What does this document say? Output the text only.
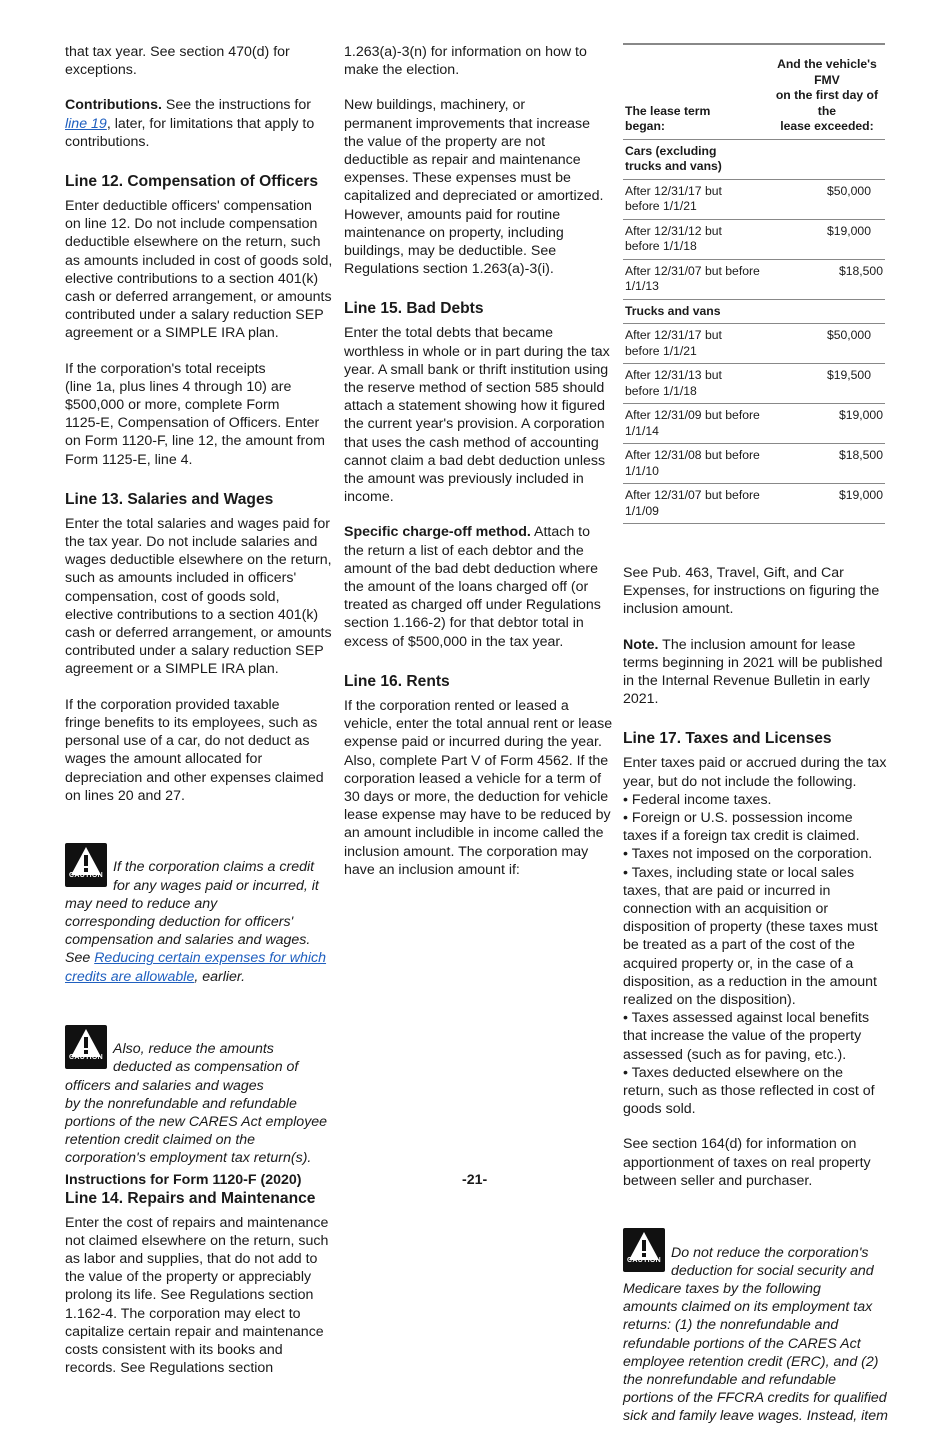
that tax year. See section 470(d) for
exceptions.

Contributions. See the instructions for
line 19, later, for limitations that apply to
contributions.

Line 12. Compensation of Officers

Enter deductible officers' compensation
on line 12. Do not include compensation
deductible elsewhere on the return, such
as amounts included in cost of goods sold,
elective contributions to a section 401(k)
cash or deferred arrangement, or amounts
contributed under a salary reduction SEP
agreement or a SIMPLE IRA plan.

If the corporation's total receipts
(line 1a, plus lines 4 through 10) are
$500,000 or more, complete Form
1125-E, Compensation of Officers. Enter
on Form 1120-F, line 12, the amount from
Form 1125-E, line 4.

Line 13. Salaries and Wages

Enter the total salaries and wages paid for
the tax year. Do not include salaries and
wages deductible elsewhere on the return,
such as amounts included in officers'
compensation, cost of goods sold,
elective contributions to a section 401(k)
cash or deferred arrangement, or amounts
contributed under a salary reduction SEP
agreement or a SIMPLE IRA plan.

If the corporation provided taxable
fringe benefits to its employees, such as
personal use of a car, do not deduct as
wages the amount allocated for
depreciation and other expenses claimed
on lines 20 and 27.

CAUTION

If the corporation claims a credit
for any wages paid or incurred, it
may need to reduce any
corresponding deduction for officers'
compensation and salaries and wages.
See Reducing certain expenses for which
credits are allowable, earlier.

CAUTION

Also, reduce the amounts
deducted as compensation of
officers and salaries and wages
by the nonrefundable and refundable
portions of the new CARES Act employee
retention credit claimed on the
corporation's employment tax return(s).

Line 14. Repairs and Maintenance

Enter the cost of repairs and maintenance
not claimed elsewhere on the return, such
as labor and supplies, that do not add to
the value of the property or appreciably
prolong its life. See Regulations section
1.162-4. The corporation may elect to
capitalize certain repair and maintenance
costs consistent with its books and
records. See Regulations section

1.263(a)-3(n) for information on how to
make the election.

New buildings, machinery, or
permanent improvements that increase
the value of the property are not
deductible as repair and maintenance
expenses. These expenses must be
capitalized and depreciated or amortized.
However, amounts paid for routine
maintenance on property, including
buildings, may be deductible. See
Regulations section 1.263(a)-3(i).

Line 15. Bad Debts

Enter the total debts that became
worthless in whole or in part during the tax
year. A small bank or thrift institution using
the reserve method of section 585 should
attach a statement showing how it figured
the current year's provision. A corporation
that uses the cash method of accounting
cannot claim a bad debt deduction unless
the amount was previously included in
income.

Specific charge-off method. Attach to
the return a list of each debtor and the
amount of the bad debt deduction where
the amount of the loans charged off (or
treated as charged off under Regulations
section 1.166-2) for that debtor total in
excess of $500,000 in the tax year.

Line 16. Rents

If the corporation rented or leased a
vehicle, enter the total annual rent or lease
expense paid or incurred during the year.
Also, complete Part V of Form 4562. If the
corporation leased a vehicle for a term of
30 days or more, the deduction for vehicle
lease expense may have to be reduced by
an amount includible in income called the
inclusion amount. The corporation may
have an inclusion amount if:

The lease term
began:	And the vehicle's FMV
on the first day of the
lease exceeded:
Cars (excluding
trucks and vans)	
After 12/31/17 but
before 1/1/21	$50,000
After 12/31/12 but
before 1/1/18	$19,000
After 12/31/07 but before 1/1/13	$18,500
Trucks and vans	
After 12/31/17 but
before 1/1/21	$50,000
After 12/31/13 but
before 1/1/18	$19,500
After 12/31/09 but before 1/1/14	$19,000
After 12/31/08 but before 1/1/10	$18,500
After 12/31/07 but before 1/1/09	$19,000

See Pub. 463, Travel, Gift, and Car
Expenses, for instructions on figuring the
inclusion amount.

Note. The inclusion amount for lease
terms beginning in 2021 will be published
in the Internal Revenue Bulletin in early
2021.

Line 17. Taxes and Licenses

Enter taxes paid or accrued during the tax
year, but do not include the following.

• Federal income taxes.
• Foreign or U.S. possession income
taxes if a foreign tax credit is claimed.
• Taxes not imposed on the corporation.
• Taxes, including state or local sales
taxes, that are paid or incurred in
connection with an acquisition or
disposition of property (these taxes must
be treated as a part of the cost of the
acquired property or, in the case of a
disposition, as a reduction in the amount
realized on the disposition).
• Taxes assessed against local benefits
that increase the value of the property
assessed (such as for paving, etc.).
• Taxes deducted elsewhere on the
return, such as those reflected in cost of
goods sold.

See section 164(d) for information on
apportionment of taxes on real property
between seller and purchaser.

CAUTION

Do not reduce the corporation's
deduction for social security and
Medicare taxes by the following
amounts claimed on its employment tax
returns: (1) the nonrefundable and
refundable portions of the CARES Act
employee retention credit (ERC), and (2)
the nonrefundable and refundable
portions of the FFCRA credits for qualified
sick and family leave wages. Instead, item

Instructions for Form 1120-F (2020)	-21-
